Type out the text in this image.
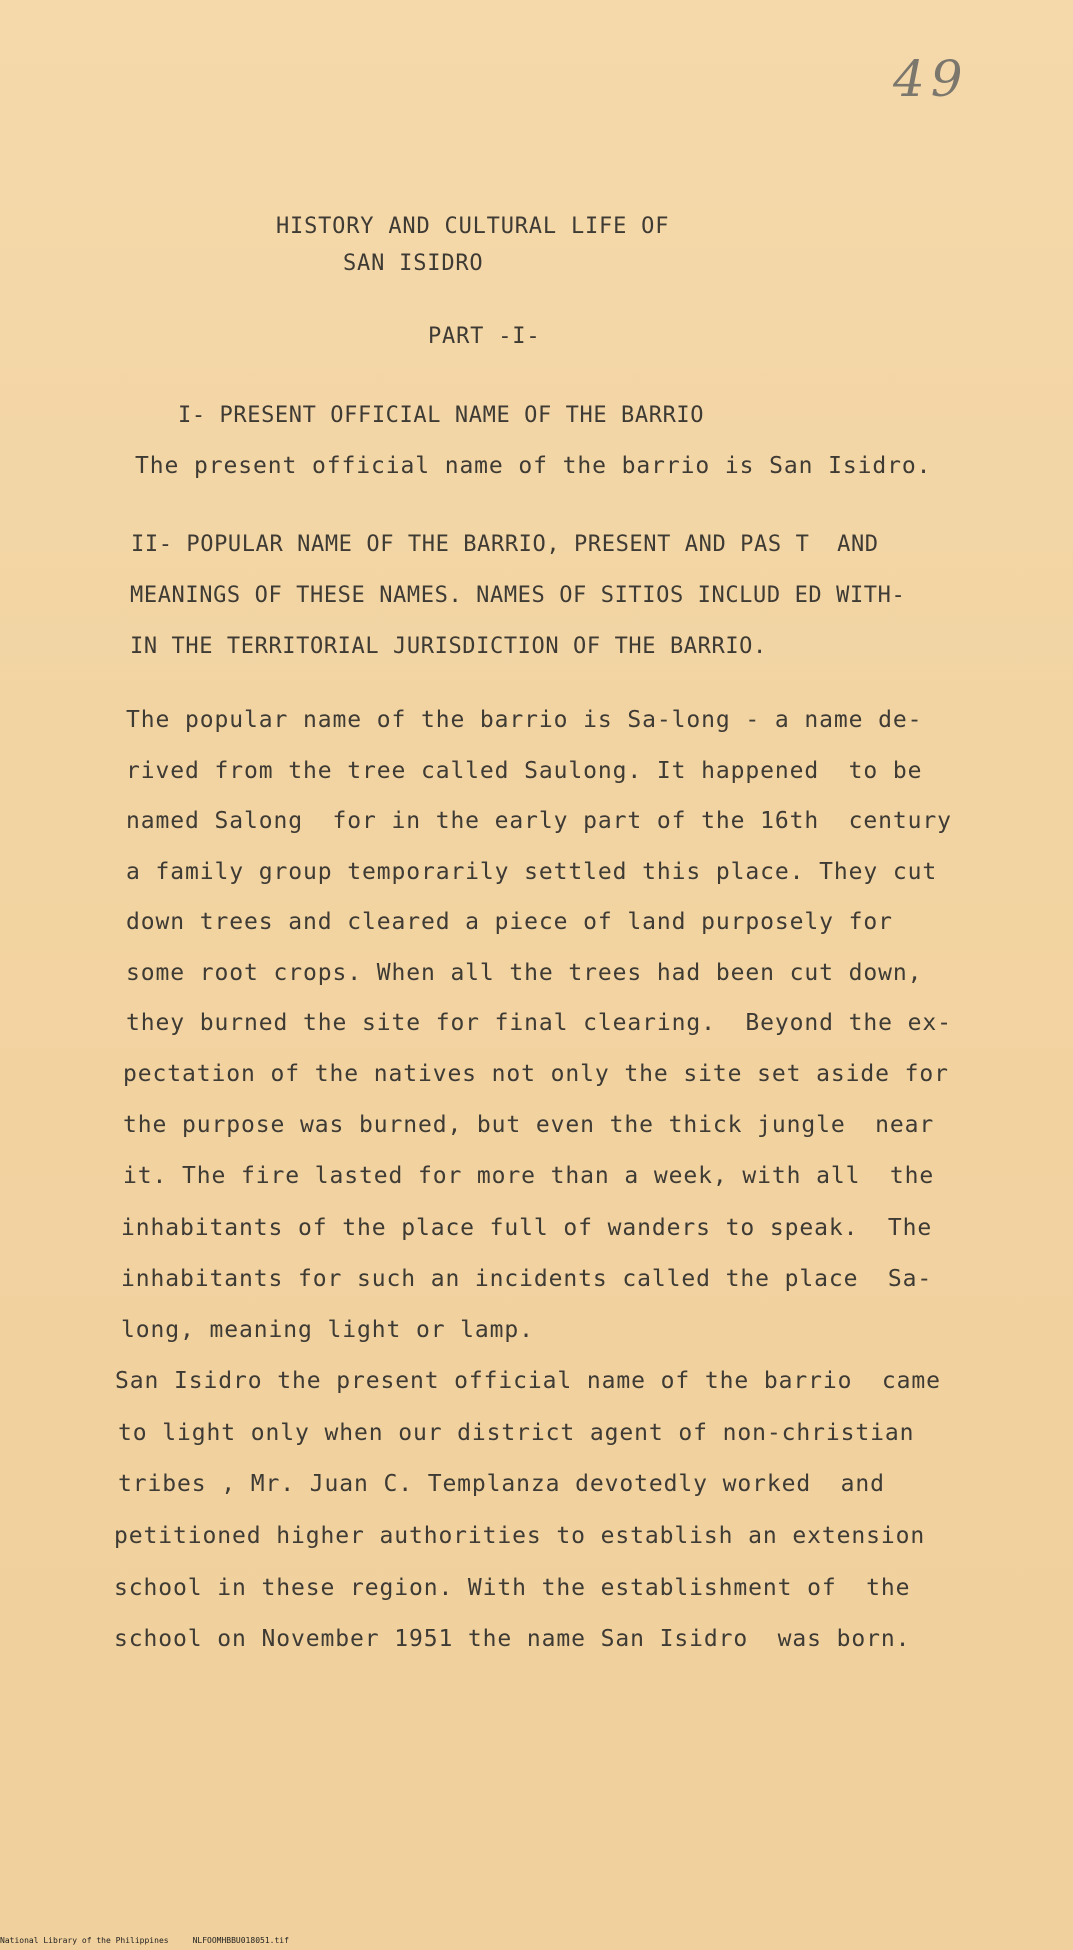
49
HISTORY AND CULTURAL LIFE OF
SAN ISIDRO
PART -I-
I- PRESENT OFFICIAL NAME OF THE BARRIO
The present official name of the barrio is San Isidro.
II- POPULAR NAME OF THE BARRIO, PRESENT AND PAS T  AND
MEANINGS OF THESE NAMES. NAMES OF SITIOS INCLUD ED WITH-
IN THE TERRITORIAL JURISDICTION OF THE BARRIO.
The popular name of the barrio is Sa-long - a name de-
rived from the tree called Saulong. It happened  to be
named Salong  for in the early part of the 16th  century
a family group temporarily settled this place. They cut
down trees and cleared a piece of land purposely for
some root crops. When all the trees had been cut down,
they burned the site for final clearing.  Beyond the ex-
pectation of the natives not only the site set aside for
the purpose was burned, but even the thick jungle  near
it. The fire lasted for more than a week, with all  the
inhabitants of the place full of wanders to speak.  The
inhabitants for such an incidents called the place  Sa-
long, meaning light or lamp.
San Isidro the present official name of the barrio  came
to light only when our district agent of non-christian
tribes , Mr. Juan C. Templanza devotedly worked  and
petitioned higher authorities to establish an extension
school in these region. With the establishment of  the
school on November 1951 the name San Isidro  was born.
National Library of the Philippines	NLFOOMHBBU018051.tif
